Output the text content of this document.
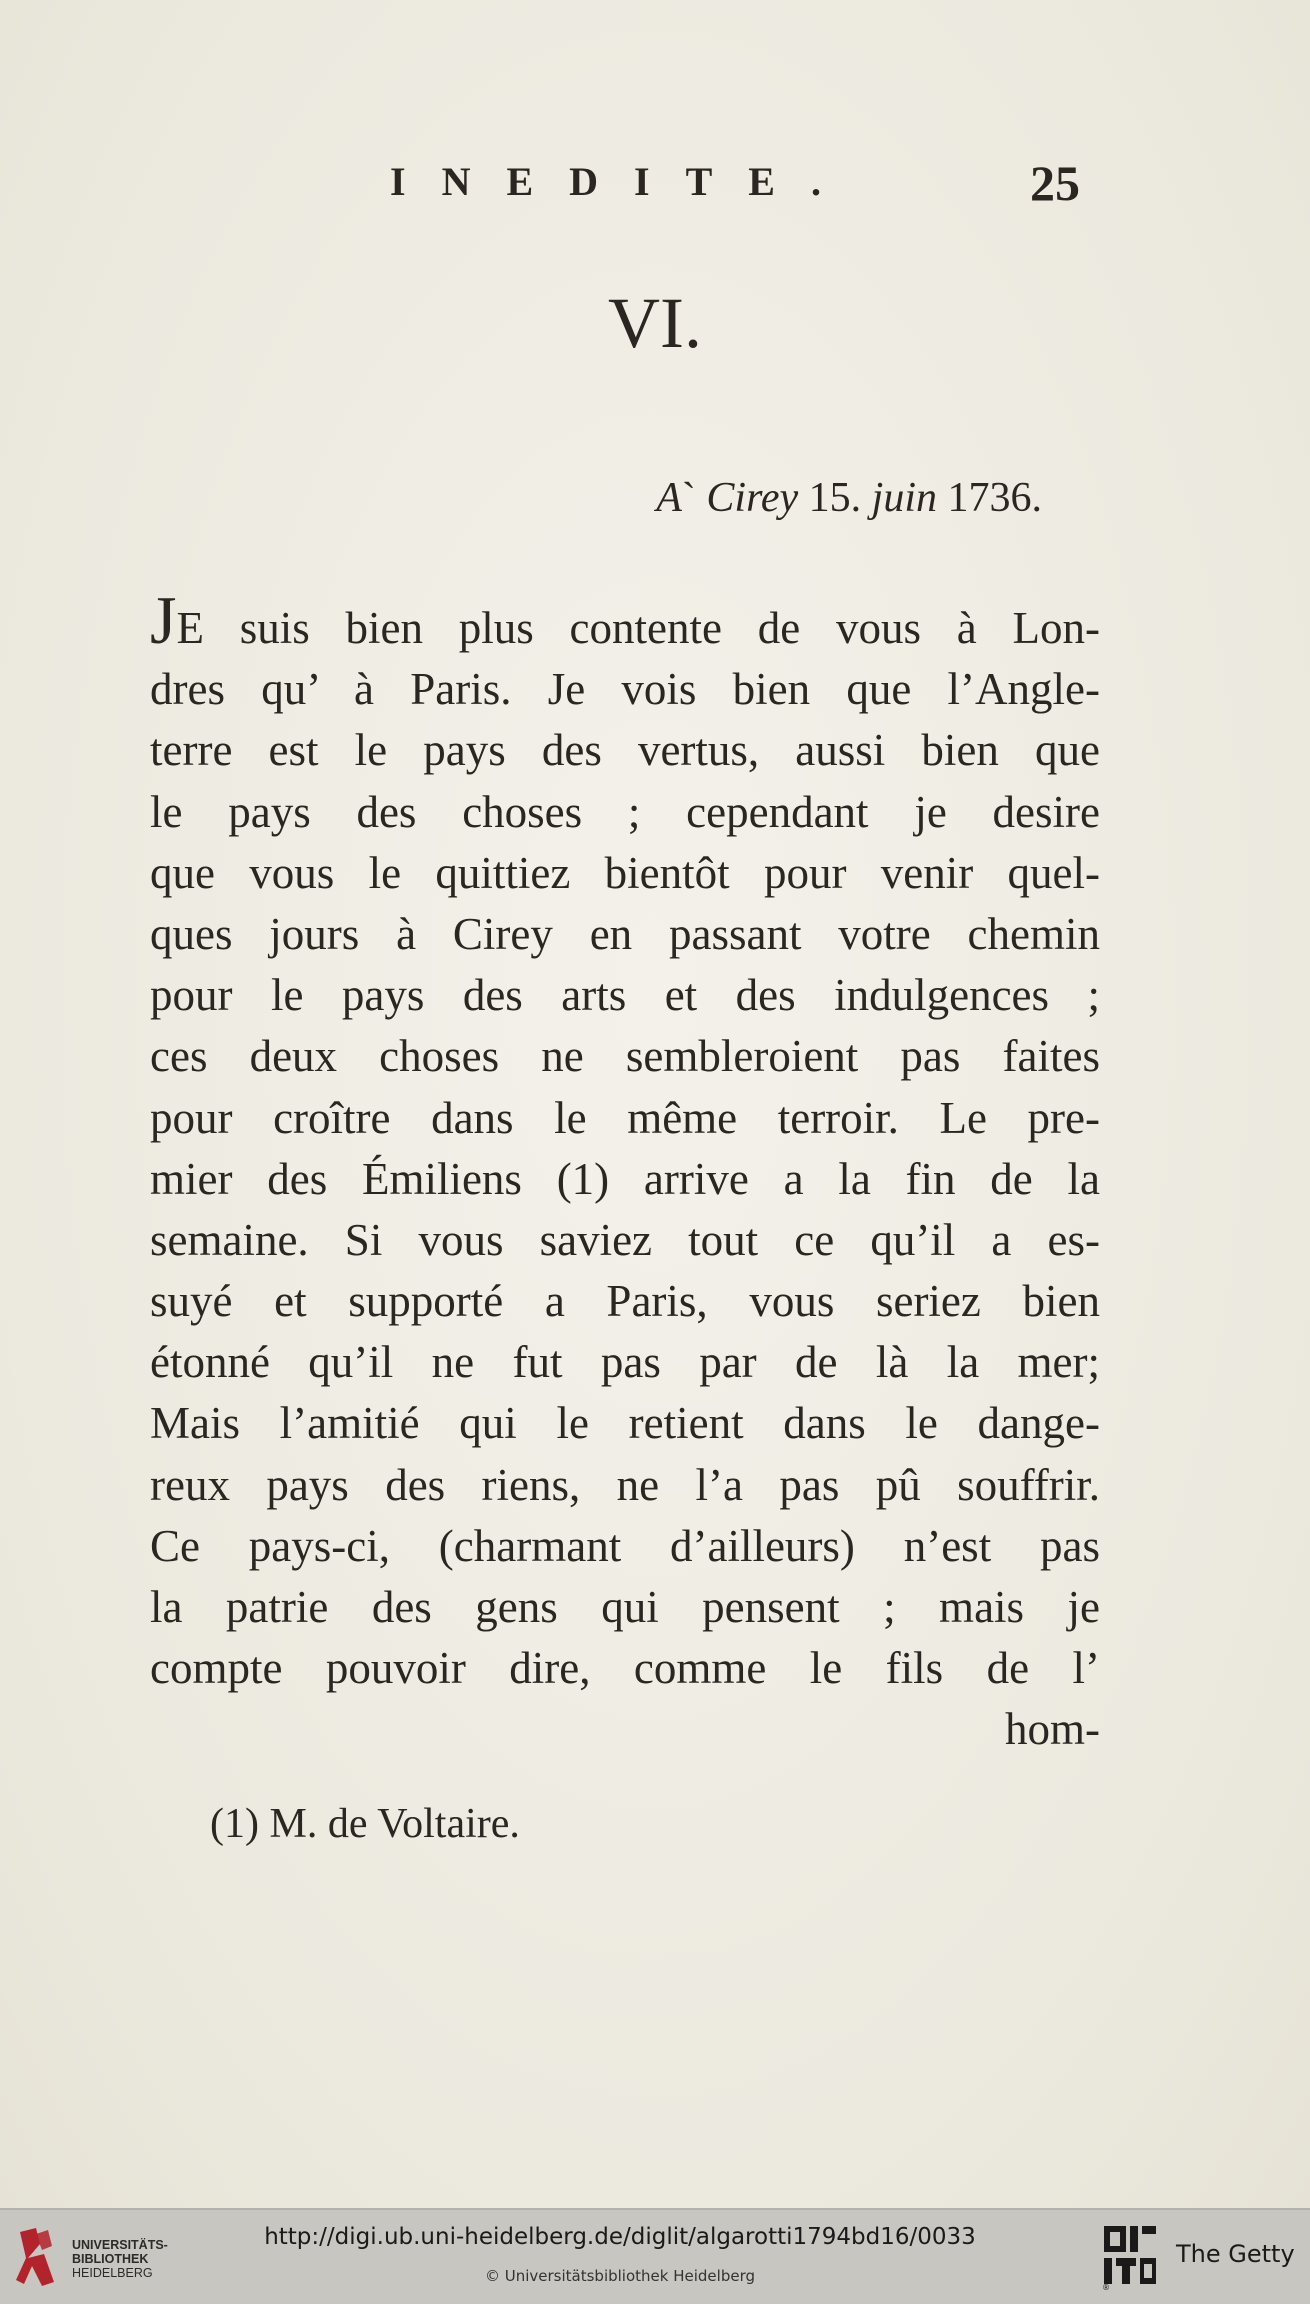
INEDITE.	25
VI.
A` Cirey 15. juin 1736.
JE suis bien plus contente de vous à Lon-
dres qu’ à Paris. Je vois bien que l’Angle-
terre est le pays des vertus, aussi bien que
le pays des choses ; cependant je desire
que vous le quittiez bientôt pour venir quel-
ques jours à Cirey en passant votre chemin
pour le pays des arts et des indulgences ;
ces deux choses ne sembleroient pas faites
pour croître dans le même terroir. Le pre-
mier des Émiliens (1) arrive a la fin de la
semaine. Si vous saviez tout ce qu’il a es-
suyé et supporté a Paris, vous seriez bien
étonné qu’il ne fut pas par de là la mer;
Mais l’amitié qui le retient dans le dange-
reux pays des riens, ne l’a pas pû souffrir.
Ce pays-ci, (charmant d’ailleurs) n’est pas
la patrie des gens qui pensent ; mais je
compte pouvoir dire, comme le fils de l’
hom-
(1) M. de Voltaire.
UNIVERSITÄTS-
BIBLIOTHEK
HEIDELBERG
http://digi.ub.uni-heidelberg.de/diglit/algarotti1794bd16/0033
© Universitätsbibliothek Heidelberg
®
The Getty
